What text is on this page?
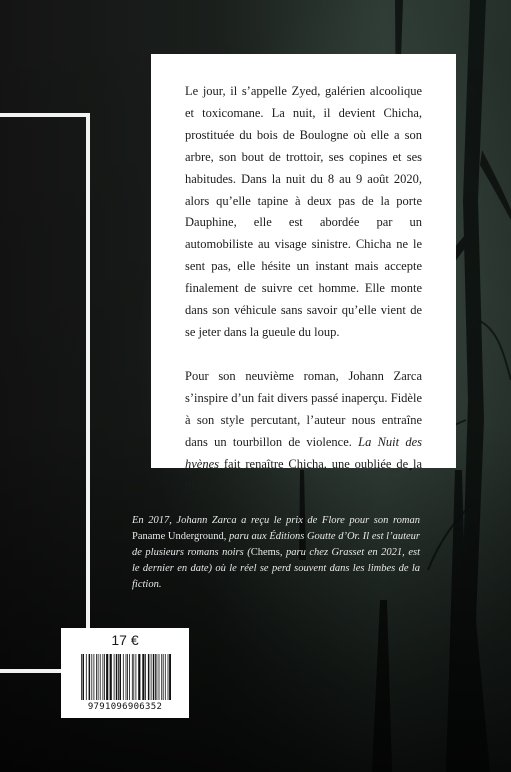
Le jour, il s’appelle Zyed, galérien alcoolique et toxicomane. La nuit, il devient Chicha, prostituée du bois de Boulogne où elle a son arbre, son bout de trottoir, ses copines et ses habitudes. Dans la nuit du 8 au 9 août 2020, alors qu’elle tapine à deux pas de la porte Dauphine, elle est abordée par un automobiliste au visage sinistre. Chicha ne le sent pas, elle hésite un instant mais accepte finalement de suivre cet homme. Elle monte dans son véhicule sans savoir qu’elle vient de se jeter dans la gueule du loup.

Pour son neuvième roman, Johann Zarca s’inspire d’un fait divers passé inaperçu. Fidèle à son style percutant, l’auteur nous entraîne dans un tourbillon de violence. La Nuit des hyènes fait renaître Chicha, une oubliée de la nuit.

En 2017, Johann Zarca a reçu le prix de Flore pour son roman Paname Underground, paru aux Éditions Goutte d’Or. Il est l’auteur de plusieurs romans noirs (Chems, paru chez Grasset en 2021, est le dernier en date) où le réel se perd souvent dans les limbes de la fiction.
17 €
9791096906352
